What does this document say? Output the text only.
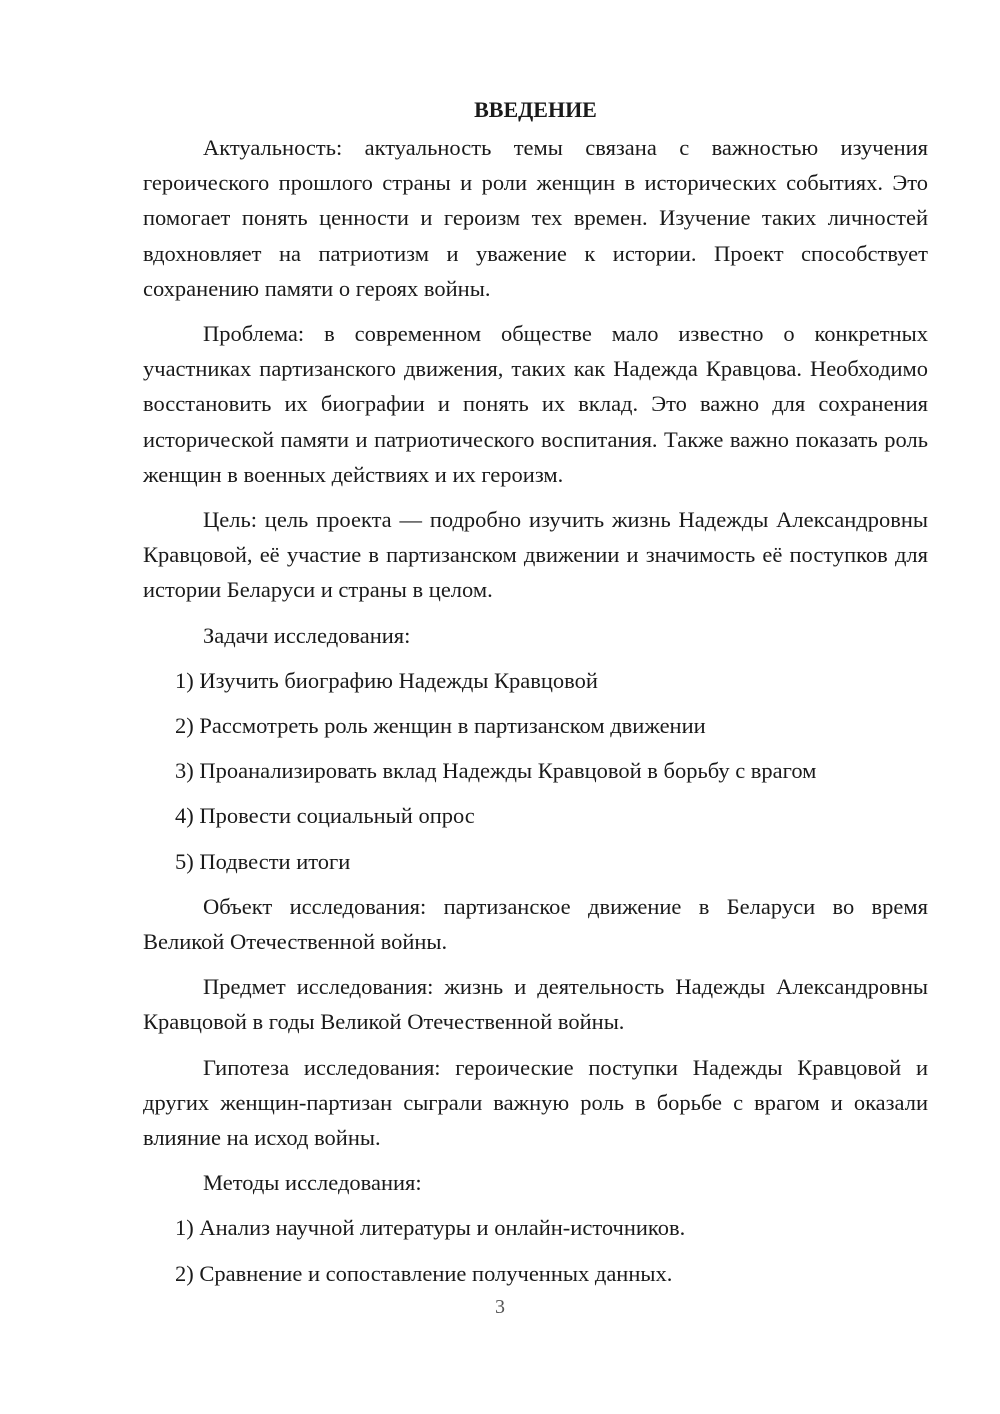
ВВЕДЕНИЕ

Актуальность: актуальность темы связана с важностью изучения героического прошлого страны и роли женщин в исторических событиях. Это помогает понять ценности и героизм тех времен. Изучение таких личностей вдохновляет на патриотизм и уважение к истории. Проект способствует сохранению памяти о героях войны.

Проблема: в современном обществе мало известно о конкретных участниках партизанского движения, таких как Надежда Кравцова. Необходимо восстановить их биографии и понять их вклад. Это важно для сохранения исторической памяти и патриотического воспитания. Также важно показать роль женщин в военных действиях и их героизм.

Цель: цель проекта — подробно изучить жизнь Надежды Александровны Кравцовой, её участие в партизанском движении и значимость её поступков для истории Беларуси и страны в целом.

Задачи исследования:

1) Изучить биографию Надежды Кравцовой
2) Рассмотреть роль женщин в партизанском движении
3) Проанализировать вклад Надежды Кравцовой в борьбу с врагом
4) Провести социальный опрос
5) Подвести итоги

Объект исследования: партизанское движение в Беларуси во время Великой Отечественной войны.

Предмет исследования: жизнь и деятельность Надежды Александровны Кравцовой в годы Великой Отечественной войны.

Гипотеза исследования: героические поступки Надежды Кравцовой и других женщин-партизан сыграли важную роль в борьбе с врагом и оказали влияние на исход войны.

Методы исследования:

1) Анализ научной литературы и онлайн-источников.
2) Сравнение и сопоставление полученных данных.
3
